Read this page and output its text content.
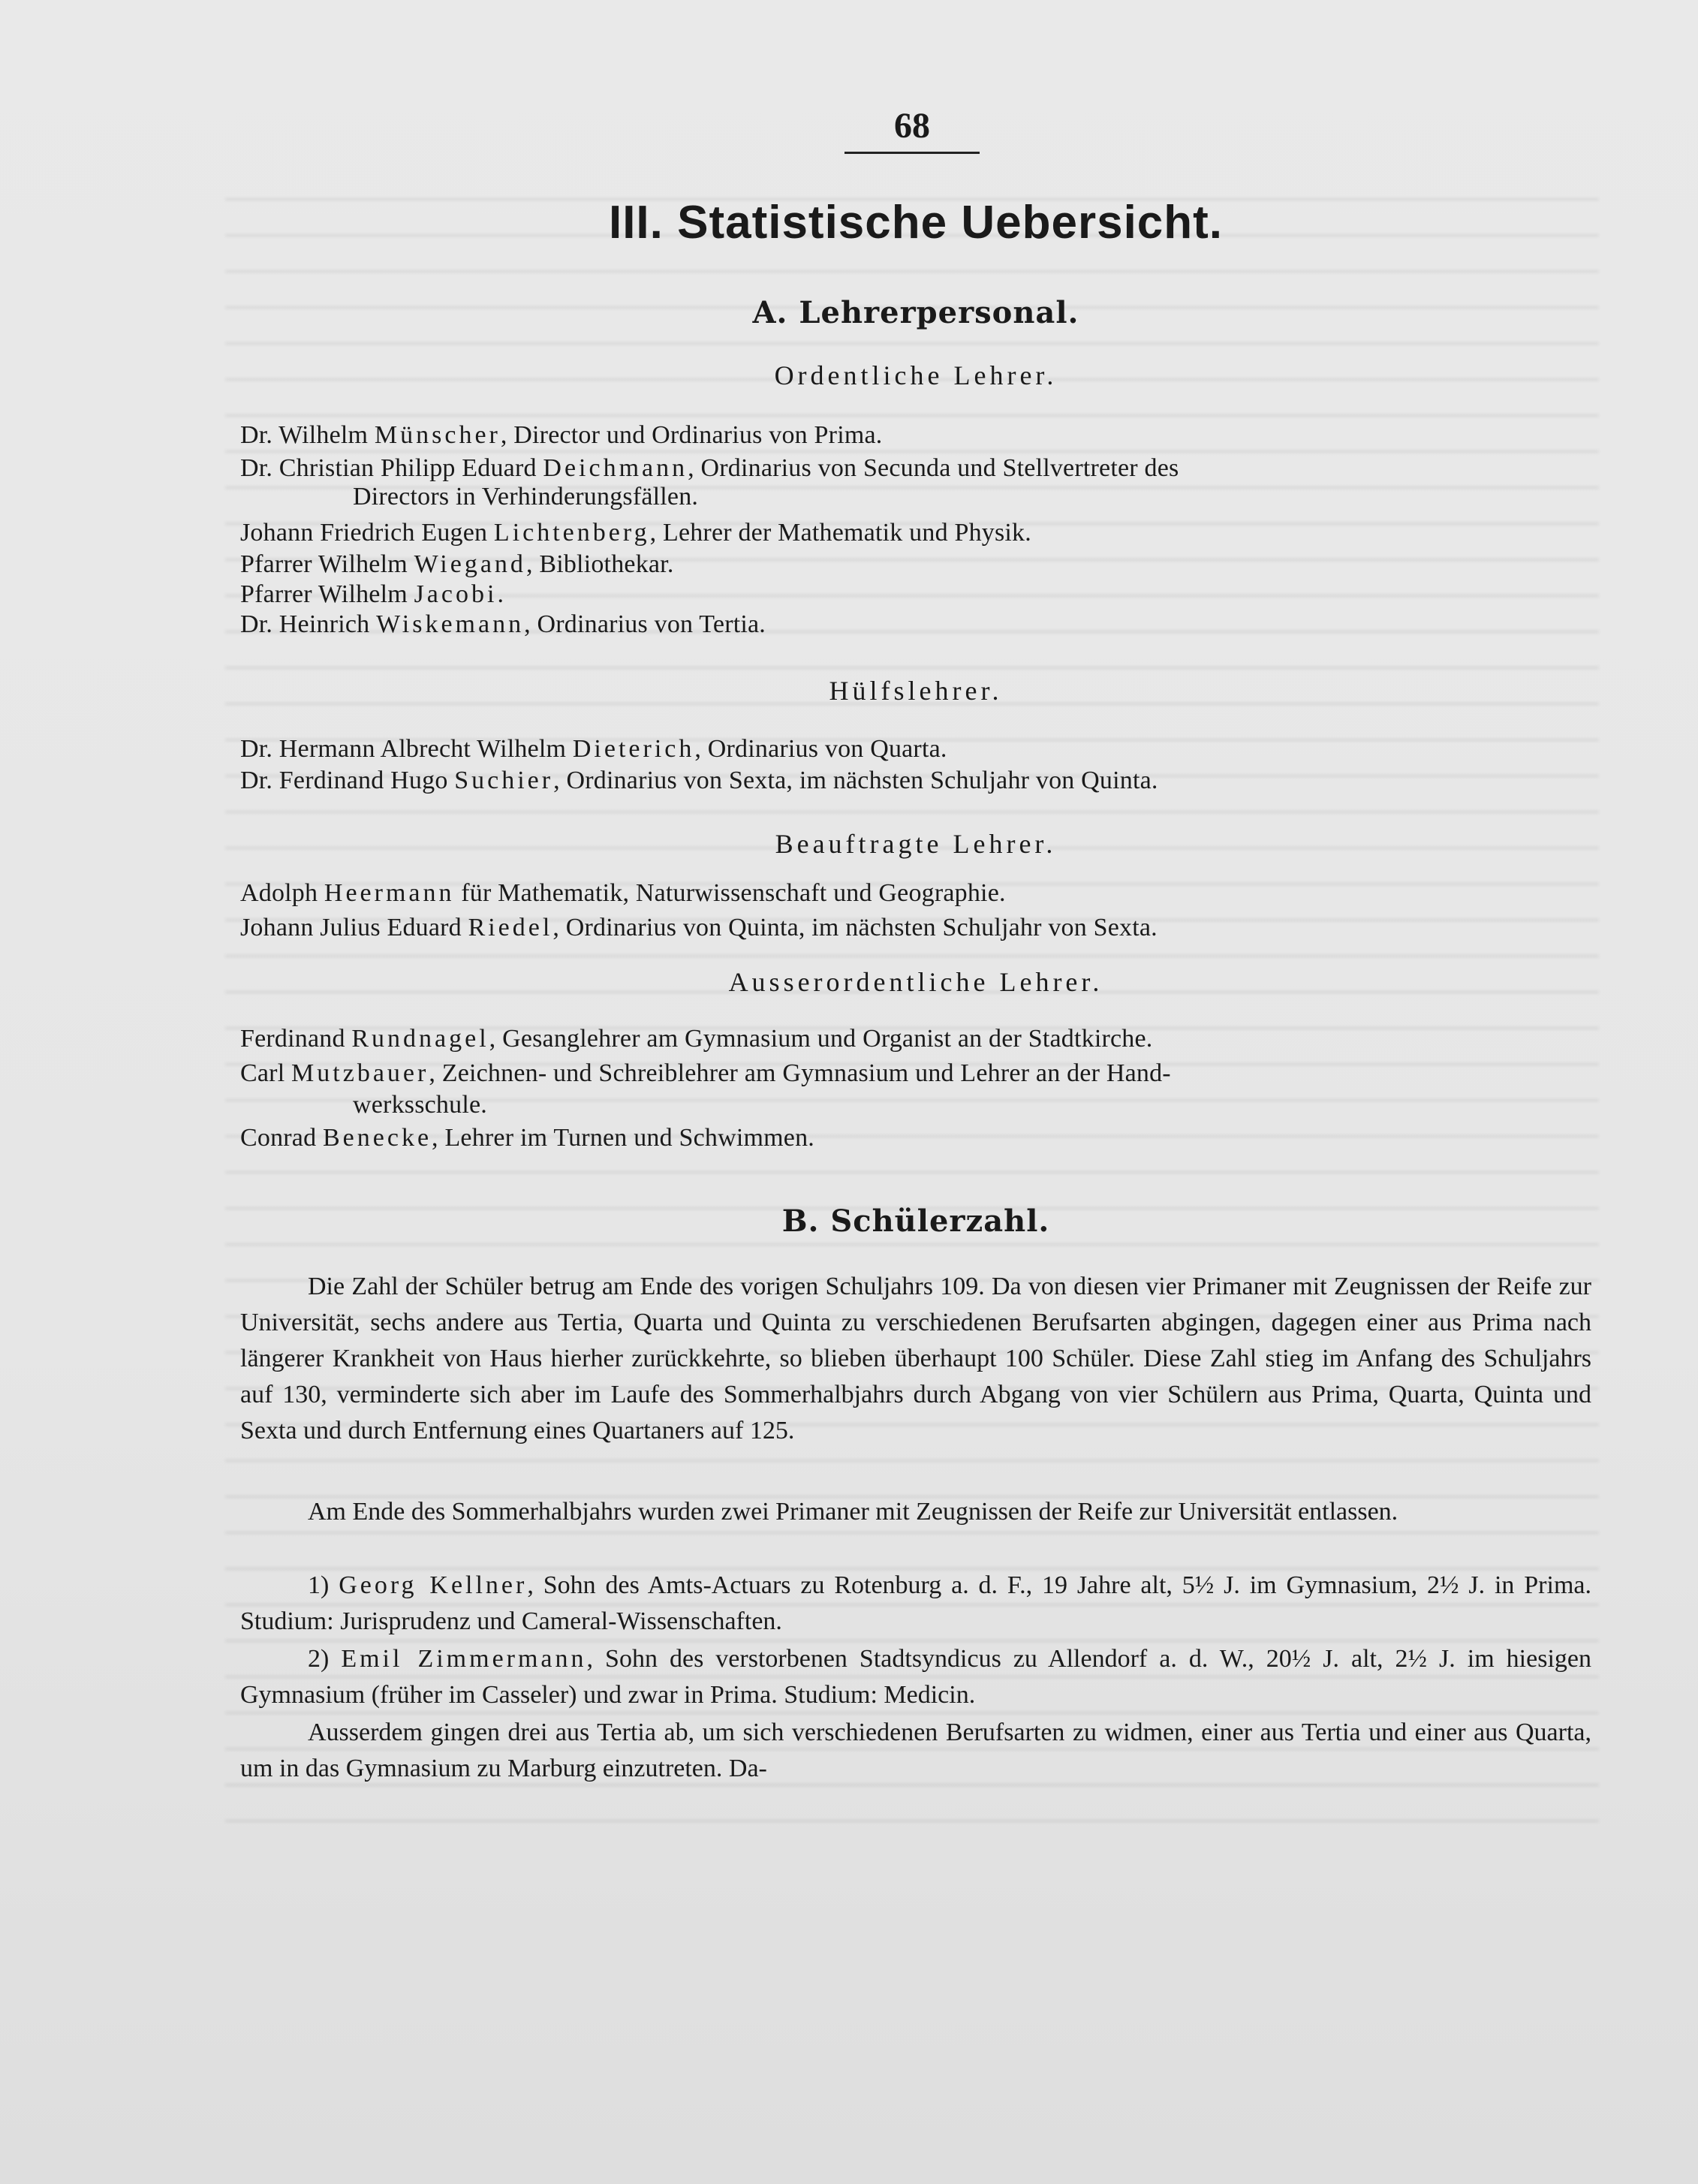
68
III. Statistische Uebersicht.
A. Lehrerpersonal.
Ordentliche Lehrer.
Dr. Wilhelm Münscher, Director und Ordinarius von Prima.
Dr. Christian Philipp Eduard Deichmann, Ordinarius von Secunda und Stellvertreter des
Directors in Verhinderungsfällen.
Johann Friedrich Eugen Lichtenberg, Lehrer der Mathematik und Physik.
Pfarrer Wilhelm Wiegand, Bibliothekar.
Pfarrer Wilhelm Jacobi.
Dr. Heinrich Wiskemann, Ordinarius von Tertia.
Hülfslehrer.
Dr. Hermann Albrecht Wilhelm Dieterich, Ordinarius von Quarta.
Dr. Ferdinand Hugo Suchier, Ordinarius von Sexta, im nächsten Schuljahr von Quinta.
Beauftragte Lehrer.
Adolph Heermann für Mathematik, Naturwissenschaft und Geographie.
Johann Julius Eduard Riedel, Ordinarius von Quinta, im nächsten Schuljahr von Sexta.
Ausserordentliche Lehrer.
Ferdinand Rundnagel, Gesanglehrer am Gymnasium und Organist an der Stadtkirche.
Carl Mutzbauer, Zeichnen- und Schreiblehrer am Gymnasium und Lehrer an der Hand-
werksschule.
Conrad Benecke, Lehrer im Turnen und Schwimmen.
B. Schülerzahl.
Die Zahl der Schüler betrug am Ende des vorigen Schuljahrs 109. Da von diesen vier Primaner mit Zeugnissen der Reife zur Universität, sechs andere aus Tertia, Quarta und Quinta zu verschiedenen Berufsarten abgingen, dagegen einer aus Prima nach längerer Krankheit von Haus hierher zurückkehrte, so blieben überhaupt 100 Schüler. Diese Zahl stieg im Anfang des Schuljahrs auf 130, verminderte sich aber im Laufe des Sommerhalbjahrs durch Abgang von vier Schülern aus Prima, Quarta, Quinta und Sexta und durch Entfernung eines Quartaners auf 125.
Am Ende des Sommerhalbjahrs wurden zwei Primaner mit Zeugnissen der Reife zur Universität entlassen.
1) Georg Kellner, Sohn des Amts-Actuars zu Rotenburg a. d. F., 19 Jahre alt, 5½ J. im Gymnasium, 2½ J. in Prima. Studium: Jurisprudenz und Cameral-Wissenschaften.
2) Emil Zimmermann, Sohn des verstorbenen Stadtsyndicus zu Allendorf a. d. W., 20½ J. alt, 2½ J. im hiesigen Gymnasium (früher im Casseler) und zwar in Prima. Studium: Medicin.
Ausserdem gingen drei aus Tertia ab, um sich verschiedenen Berufsarten zu widmen, einer aus Tertia und einer aus Quarta, um in das Gymnasium zu Marburg einzutreten. Da-
